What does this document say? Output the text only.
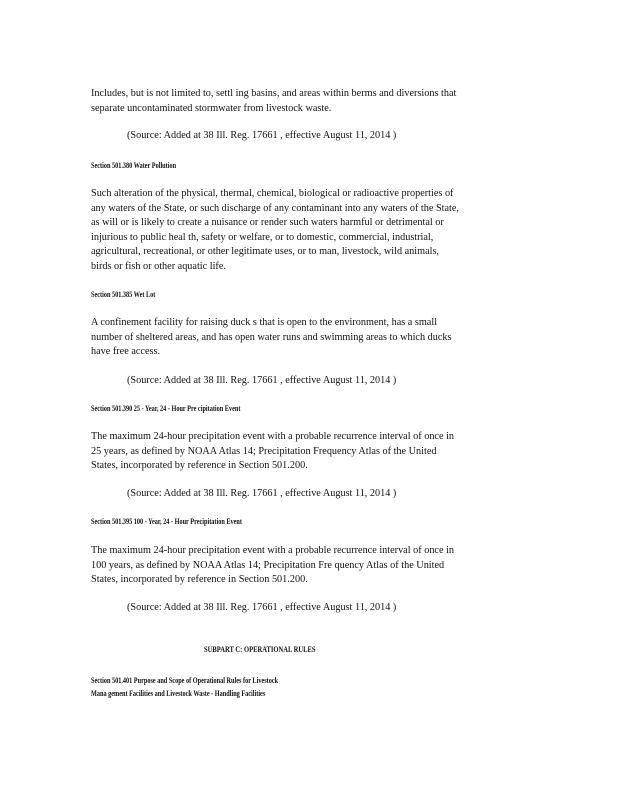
Includes, but is not limited to, settl ing basins, and areas within berms and diversions that
separate uncontaminated stormwater from livestock waste.
(Source: Added at 38 Ill. Reg. 17661 , effective August 11, 2014 )
Section 501.380 Water Pollution
Such alteration of the physical, thermal, chemical, biological or radioactive properties of
any waters of the State, or such discharge of any contaminant into any waters of the State,
as will or is likely to create a nuisance or render such waters harmful or detrimental or
injurious to public heal th, safety or welfare, or to domestic, commercial, industrial,
agricultural, recreational, or other legitimate uses, or to man, livestock, wild animals,
birds or fish or other aquatic life.
Section 501.385 Wet Lot
A confinement facility for raising duck s that is open to the environment, has a small
number of sheltered areas, and has open water runs and swimming areas to which ducks
have free access.
(Source: Added at 38 Ill. Reg. 17661 , effective August 11, 2014 )
Section 501.390 25 - Year, 24 - Hour Pre cipitation Event
The maximum 24-hour precipitation event with a probable recurrence interval of once in
25 years, as defined by NOAA Atlas 14; Precipitation Frequency Atlas of the United
States, incorporated by reference in Section 501.200.
(Source: Added at 38 Ill. Reg. 17661 , effective August 11, 2014 )
Section 501.395 100 - Year, 24 - Hour Precipitation Event
The maximum 24-hour precipitation event with a probable recurrence interval of once in
100 years, as defined by NOAA Atlas 14; Precipitation Fre quency Atlas of the United
States, incorporated by reference in Section 501.200.
(Source: Added at 38 Ill. Reg. 17661 , effective August 11, 2014 )
SUBPART C: OPERATIONAL RULES
Section 501.401 Purpose and Scope of Operational Rules for Livestock
Mana gement Facilities and Livestock Waste - Handling Facilities
